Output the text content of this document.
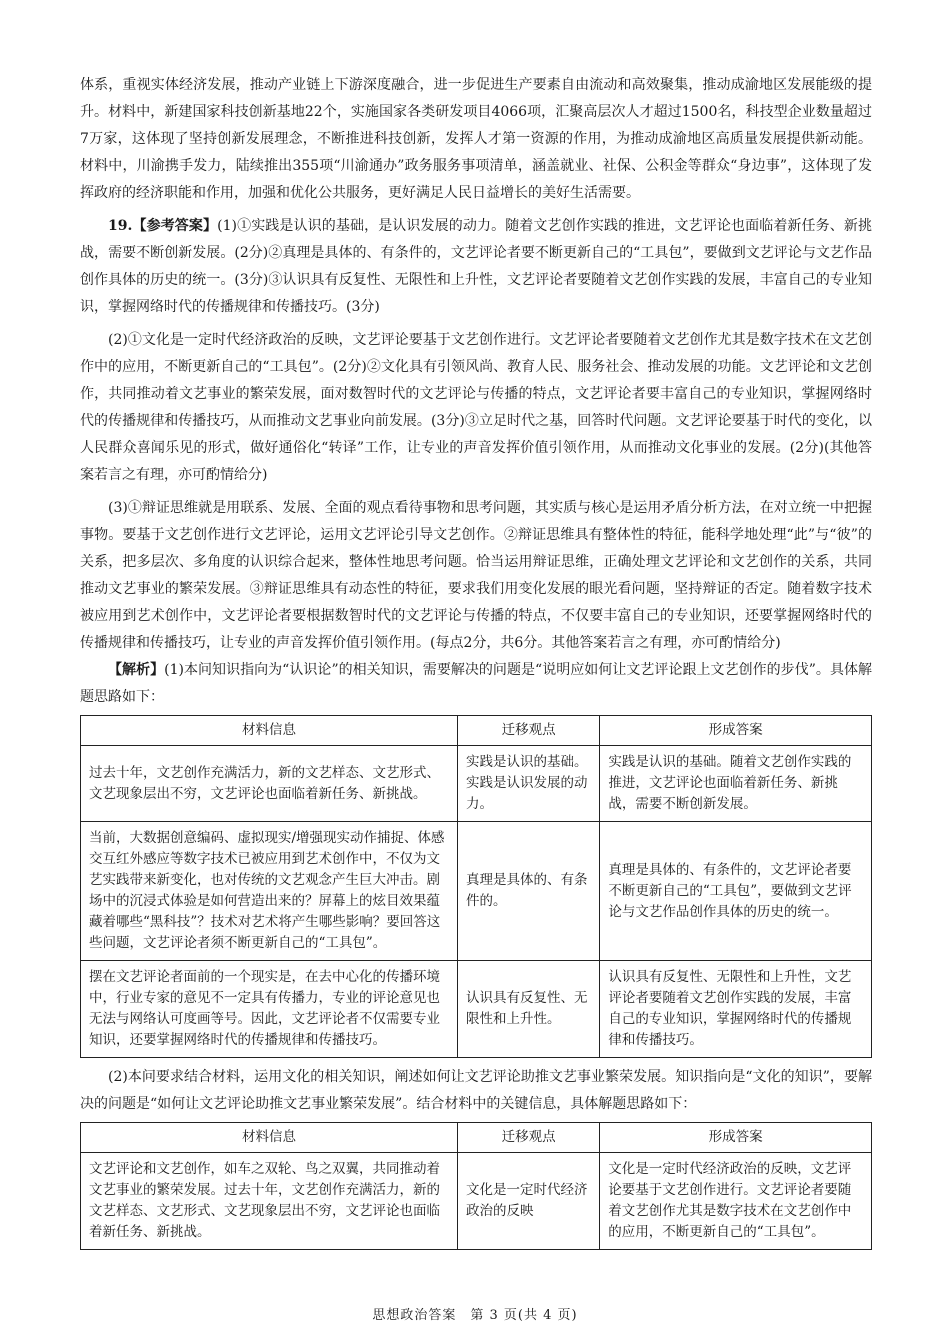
体系，重视实体经济发展，推动产业链上下游深度融合，进一步促进生产要素自由流动和高效聚集，推动成渝地区发展能级的提升。材料中，新建国家科技创新基地22个，实施国家各类研发项目4066项，汇聚高层次人才超过1500名，科技型企业数量超过7万家，这体现了坚持创新发展理念，不断推进科技创新，发挥人才第一资源的作用，为推动成渝地区高质量发展提供新动能。材料中，川渝携手发力，陆续推出355项“川渝通办”政务服务事项清单，涵盖就业、社保、公积金等群众“身边事”，这体现了发挥政府的经济职能和作用，加强和优化公共服务，更好满足人民日益增长的美好生活需要。

19.【参考答案】(1)①实践是认识的基础，是认识发展的动力。随着文艺创作实践的推进，文艺评论也面临着新任务、新挑战，需要不断创新发展。(2分)②真理是具体的、有条件的，文艺评论者要不断更新自己的“工具包”，要做到文艺评论与文艺作品创作具体的历史的统一。(3分)③认识具有反复性、无限性和上升性，文艺评论者要随着文艺创作实践的发展，丰富自己的专业知识，掌握网络时代的传播规律和传播技巧。(3分)

(2)①文化是一定时代经济政治的反映，文艺评论要基于文艺创作进行。文艺评论者要随着文艺创作尤其是数字技术在文艺创作中的应用，不断更新自己的“工具包”。(2分)②文化具有引领风尚、教育人民、服务社会、推动发展的功能。文艺评论和文艺创作，共同推动着文艺事业的繁荣发展，面对数智时代的文艺评论与传播的特点，文艺评论者要丰富自己的专业知识，掌握网络时代的传播规律和传播技巧，从而推动文艺事业向前发展。(3分)③立足时代之基，回答时代问题。文艺评论要基于时代的变化，以人民群众喜闻乐见的形式，做好通俗化“转译”工作，让专业的声音发挥价值引领作用，从而推动文化事业的发展。(2分)(其他答案若言之有理，亦可酌情给分)

(3)①辩证思维就是用联系、发展、全面的观点看待事物和思考问题，其实质与核心是运用矛盾分析方法，在对立统一中把握事物。要基于文艺创作进行文艺评论，运用文艺评论引导文艺创作。②辩证思维具有整体性的特征，能科学地处理“此”与“彼”的关系，把多层次、多角度的认识综合起来，整体性地思考问题。恰当运用辩证思维，正确处理文艺评论和文艺创作的关系，共同推动文艺事业的繁荣发展。③辩证思维具有动态性的特征，要求我们用变化发展的眼光看问题，坚持辩证的否定。随着数字技术被应用到艺术创作中，文艺评论者要根据数智时代的文艺评论与传播的特点，不仅要丰富自己的专业知识，还要掌握网络时代的传播规律和传播技巧，让专业的声音发挥价值引领作用。(每点2分，共6分。其他答案若言之有理，亦可酌情给分)

【解析】(1)本问知识指向为“认识论”的相关知识，需要解决的问题是“说明应如何让文艺评论跟上文艺创作的步伐”。具体解题思路如下：

材料信息	迁移观点	形成答案
过去十年，文艺创作充满活力，新的文艺样态、文艺形式、文艺现象层出不穷，文艺评论也面临着新任务、新挑战。	实践是认识的基础。实践是认识发展的动力。	实践是认识的基础。随着文艺创作实践的推进，文艺评论也面临着新任务、新挑战，需要不断创新发展。
当前，大数据创意编码、虚拟现实/增强现实动作捕捉、体感交互红外感应等数字技术已被应用到艺术创作中，不仅为文艺实践带来新变化，也对传统的文艺观念产生巨大冲击。剧场中的沉浸式体验是如何营造出来的？屏幕上的炫目效果蕴藏着哪些“黑科技”？技术对艺术将产生哪些影响？要回答这些问题，文艺评论者须不断更新自己的“工具包”。	真理是具体的、有条件的。	真理是具体的、有条件的，文艺评论者要不断更新自己的“工具包”，要做到文艺评论与文艺作品创作具体的历史的统一。
摆在文艺评论者面前的一个现实是，在去中心化的传播环境中，行业专家的意见不一定具有传播力，专业的评论意见也无法与网络认可度画等号。因此，文艺评论者不仅需要专业知识，还要掌握网络时代的传播规律和传播技巧。	认识具有反复性、无限性和上升性。	认识具有反复性、无限性和上升性，文艺评论者要随着文艺创作实践的发展，丰富自己的专业知识，掌握网络时代的传播规律和传播技巧。

(2)本问要求结合材料，运用文化的相关知识，阐述如何让文艺评论助推文艺事业繁荣发展。知识指向是“文化的知识”，要解决的问题是“如何让文艺评论助推文艺事业繁荣发展”。结合材料中的关键信息，具体解题思路如下：

材料信息	迁移观点	形成答案
文艺评论和文艺创作，如车之双轮、鸟之双翼，共同推动着文艺事业的繁荣发展。过去十年，文艺创作充满活力，新的文艺样态、文艺形式、文艺现象层出不穷，文艺评论也面临着新任务、新挑战。	文化是一定时代经济政治的反映	文化是一定时代经济政治的反映，文艺评论要基于文艺创作进行。文艺评论者要随着文艺创作尤其是数字技术在文艺创作中的应用，不断更新自己的“工具包”。
思想政治答案　第 3 页(共 4 页)
